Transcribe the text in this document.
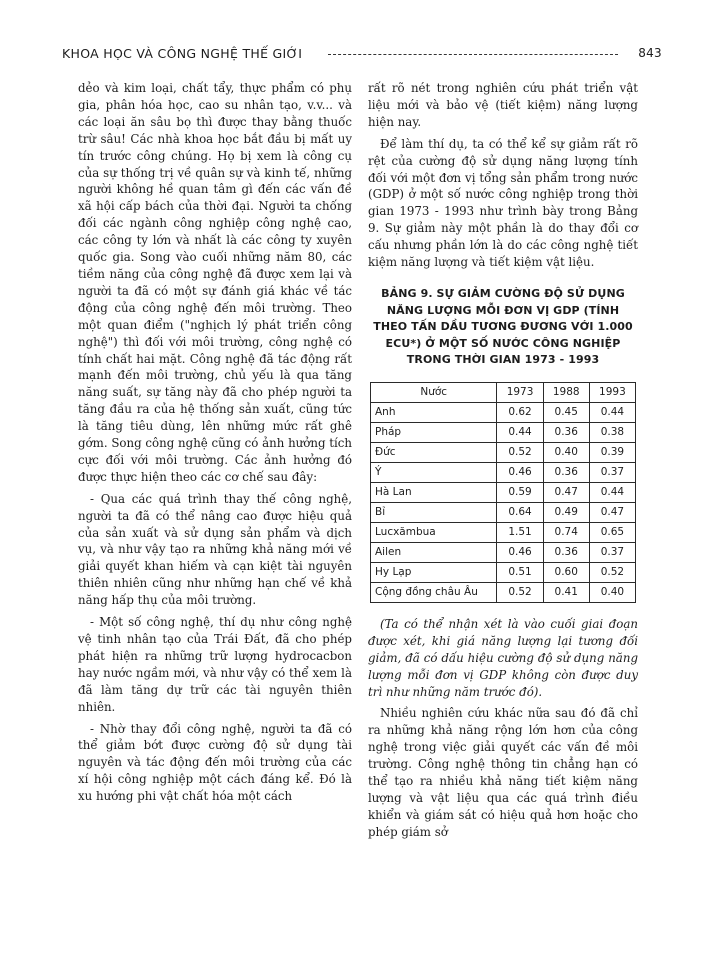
KHOA HỌC VÀ CÔNG NGHỆ THẾ GIỚI	843

dẻo và kim loại, chất tẩy, thực phẩm có phụ gia, phân hóa học, cao su nhân tạo, v.v... và các loại ăn sâu bọ thì được thay bằng thuốc trừ sâu! Các nhà khoa học bắt đầu bị mất uy tín trước công chúng. Họ bị xem là công cụ của sự thống trị về quân sự và kinh tế, những người không hề quan tâm gì đến các vấn đề xã hội cấp bách của thời đại. Người ta chống đối các ngành công nghiệp công nghệ cao, các công ty lớn và nhất là các công ty xuyên quốc gia. Song vào cuối những năm 80, các tiềm năng của công nghệ đã được xem lại và người ta đã có một sự đánh giá khác về tác động của công nghệ đến môi trường. Theo một quan điểm ("nghịch lý phát triển công nghệ") thì đối với môi trường, công nghệ có tính chất hai mặt. Công nghệ đã tác động rất mạnh đến môi trường, chủ yếu là qua tăng năng suất, sự tăng này đã cho phép người ta tăng đầu ra của hệ thống sản xuất, cũng tức là tăng tiêu dùng, lên những mức rất ghê gớm. Song công nghệ cũng có ảnh hưởng tích cực đối với môi trường. Các ảnh hưởng đó được thực hiện theo các cơ chế sau đây:

- Qua các quá trình thay thế công nghệ, người ta đã có thể nâng cao được hiệu quả của sản xuất và sử dụng sản phẩm và dịch vụ, và như vậy tạo ra những khả năng mới về giải quyết khan hiếm và cạn kiệt tài nguyên thiên nhiên cũng như những hạn chế về khả năng hấp thụ của môi trường.

- Một số công nghệ, thí dụ như công nghệ vệ tinh nhân tạo của Trái Đất, đã cho phép phát hiện ra những trữ lượng hydrocacbon hay nước ngầm mới, và như vậy có thể xem là đã làm tăng dự trữ các tài nguyên thiên nhiên.

- Nhờ thay đổi công nghệ, người ta đã có thể giảm bớt được cường độ sử dụng tài nguyên và tác động đến môi trường của các xí hội công nghiệp một cách đáng kể. Đó là xu hướng phi vật chất hóa một cách

rất rõ nét trong nghiên cứu phát triển vật liệu mới và bảo vệ (tiết kiệm) năng lượng hiện nay.

Để làm thí dụ, ta có thể kể sự giảm rất rõ rệt của cường độ sử dụng năng lượng tính đối với một đơn vị tổng sản phẩm trong nước (GDP) ở một số nước công nghiệp trong thời gian 1973 - 1993 như trình bày trong Bảng 9. Sự giảm này một phần là do thay đổi cơ cấu nhưng phần lớn là do các công nghệ tiết kiệm năng lượng và tiết kiệm vật liệu.

BẢNG 9. SỰ GIẢM CƯỜNG ĐỘ SỬ DỤNG NĂNG LƯỢNG MỖI ĐƠN VỊ GDP (TÍNH THEO TẤN DẦU TƯƠNG ĐƯƠNG VỚI 1.000 ECU*) Ở MỘT SỐ NƯỚC CÔNG NGHIỆP TRONG THỜI GIAN 1973 - 1993
Nước	1973	1988	1993
Anh	0.62	0.45	0.44
Pháp	0.44	0.36	0.38
Đức	0.52	0.40	0.39
Ý	0.46	0.36	0.37
Hà Lan	0.59	0.47	0.44
Bỉ	0.64	0.49	0.47
Lucxămbua	1.51	0.74	0.65
Ailen	0.46	0.36	0.37
Hy Lạp	0.51	0.60	0.52
Cộng đồng châu Âu	0.52	0.41	0.40

(Ta có thể nhận xét là vào cuối giai đoạn được xét, khi giá năng lượng lại tương đối giảm, đã có dấu hiệu cường độ sử dụng năng lượng mỗi đơn vị GDP không còn được duy trì như những năm trước đó).

Nhiều nghiên cứu khác nữa sau đó đã chỉ ra những khả năng rộng lớn hơn của công nghệ trong việc giải quyết các vấn đề môi trường. Công nghệ thông tin chẳng hạn có thể tạo ra nhiều khả năng tiết kiệm năng lượng và vật liệu qua các quá trình điều khiển và giám sát có hiệu quả hơn hoặc cho phép giám sở
